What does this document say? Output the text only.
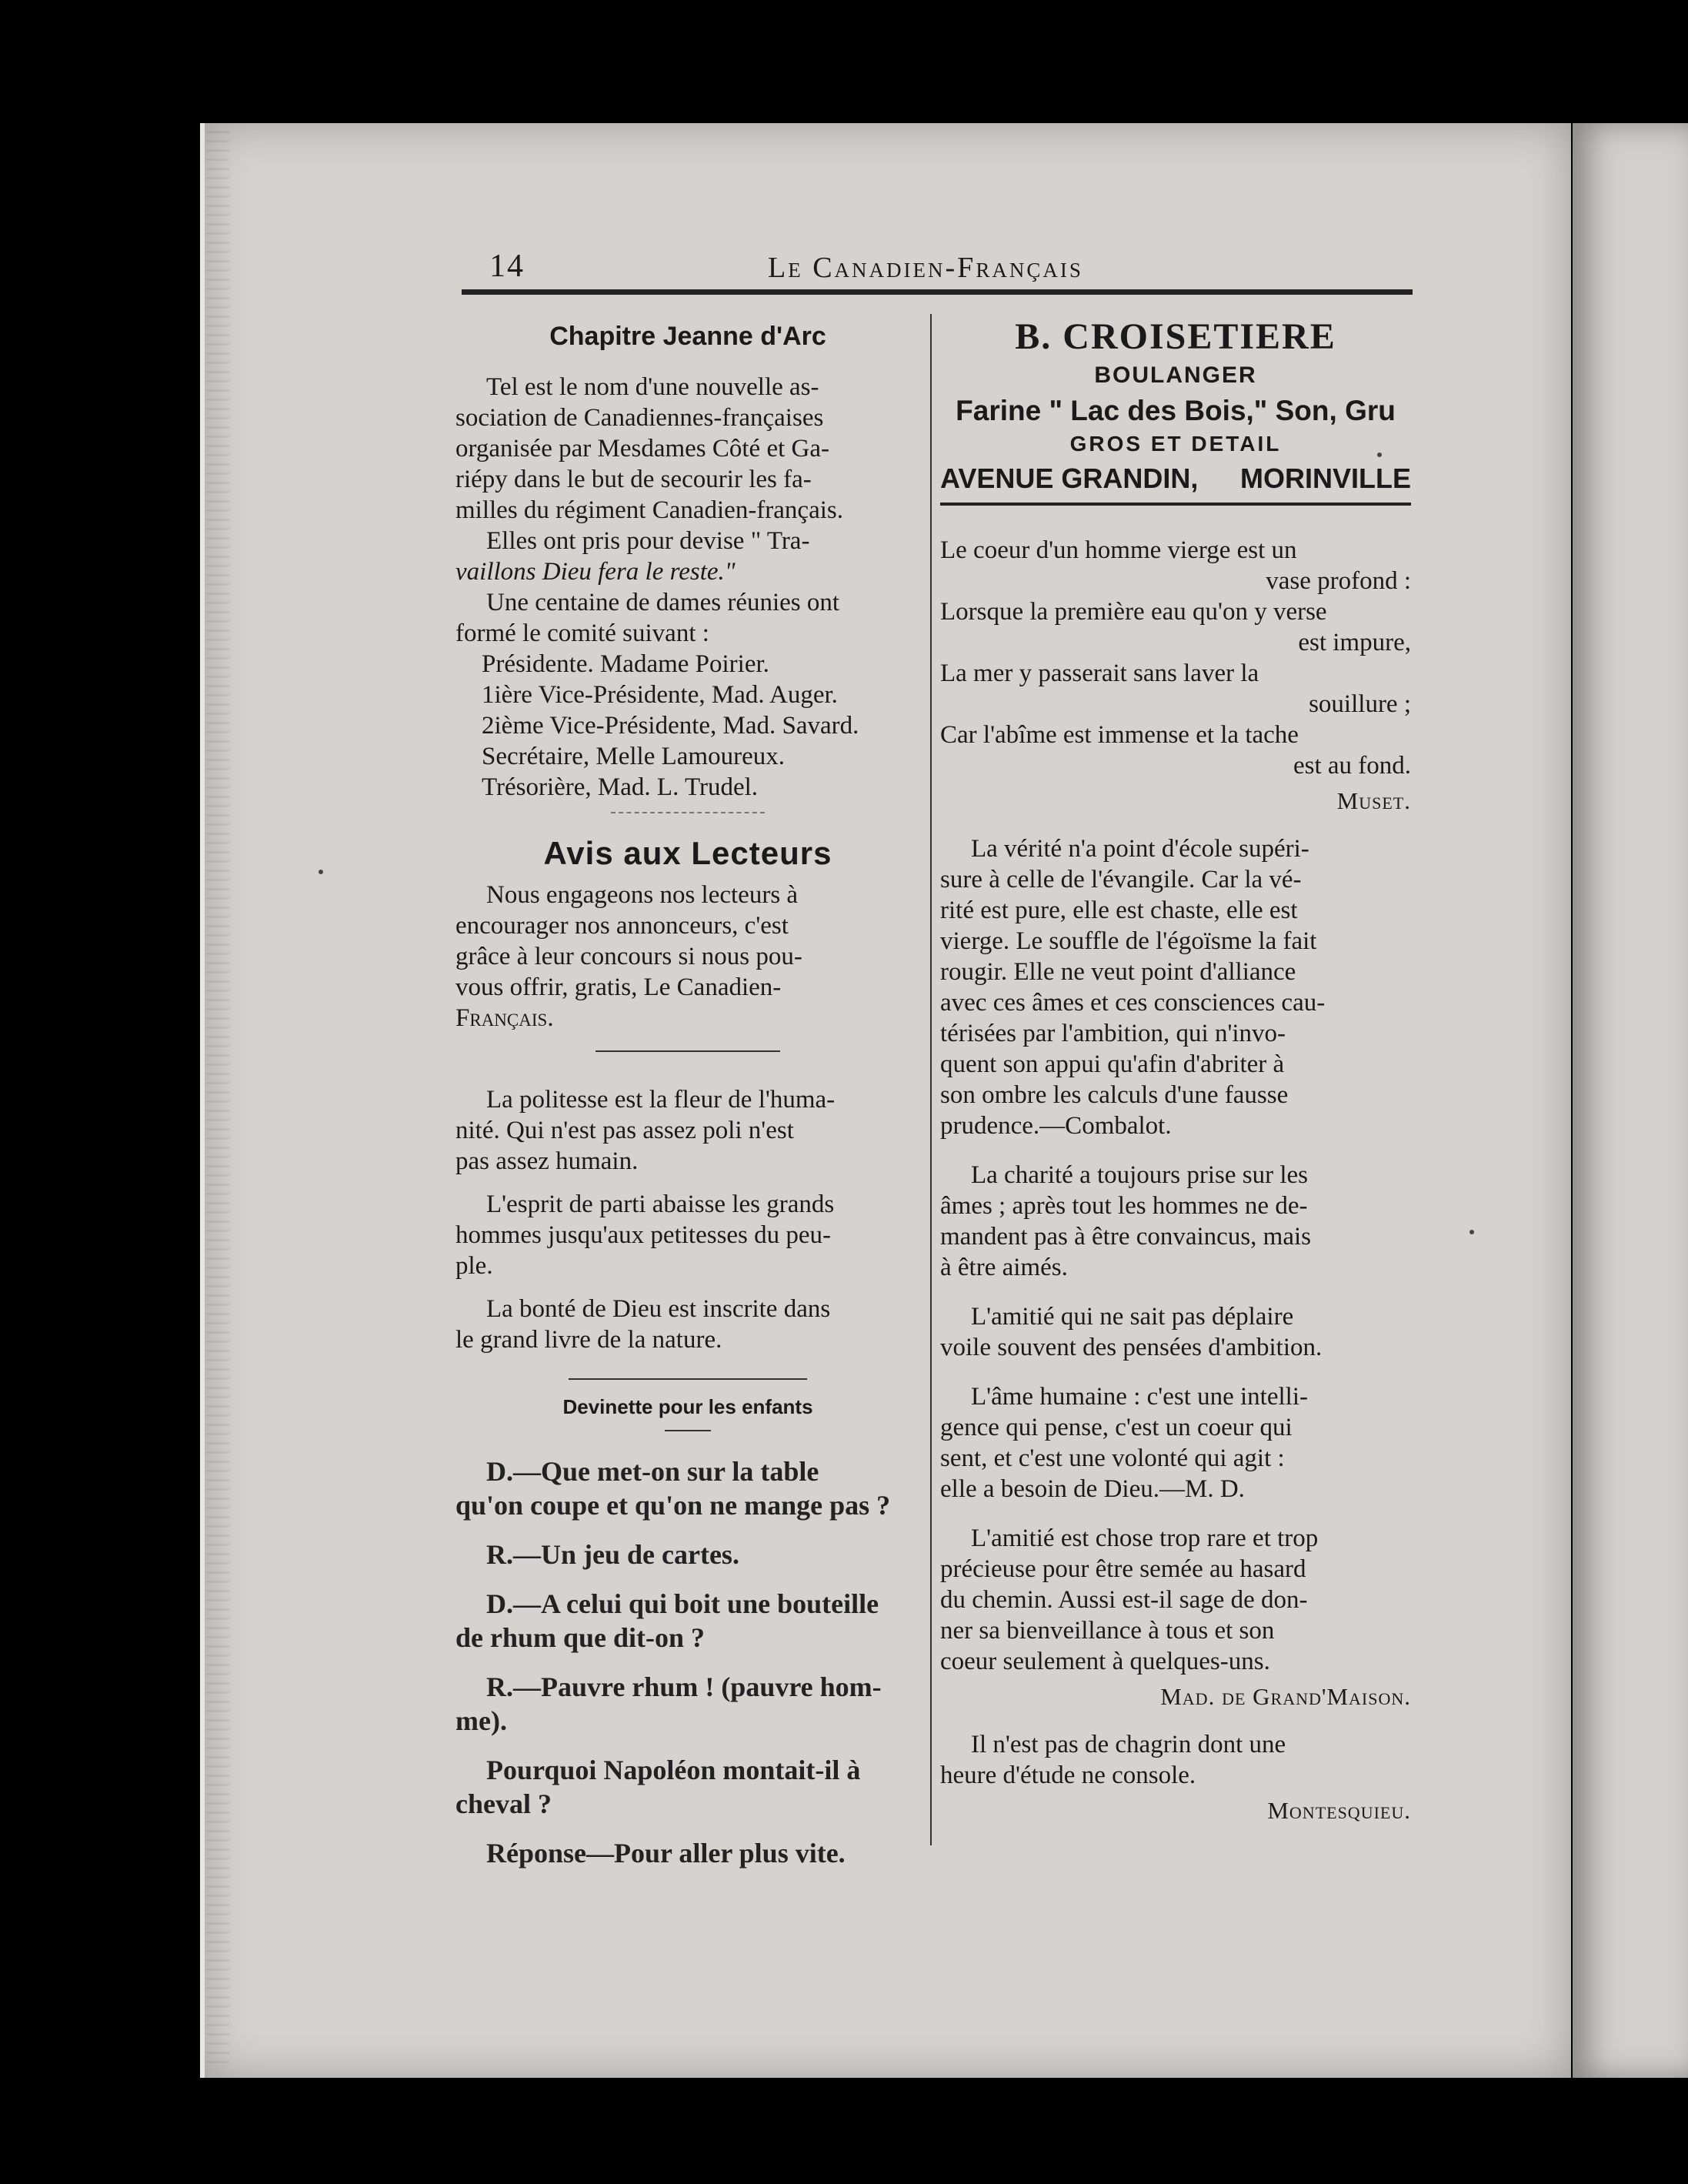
14	Le Canadien-Français
Chapitre Jeanne d'Arc

Tel est le nom d'une nouvelle as-

sociation de Canadiennes-françaises

organisée par Mesdames Côté et Ga-

riépy dans le but de secourir les fa-

milles du régiment Canadien-français.

Elles ont pris pour devise " Tra-

vaillons Dieu fera le reste."

Une centaine de dames réunies ont

formé le comité suivant :

Présidente. Madame Poirier.

1ière Vice-Présidente, Mad. Auger.

2ième Vice-Présidente, Mad. Savard.

Secrétaire, Melle Lamoureux.

Trésorière, Mad. L. Trudel.

Avis aux Lecteurs

Nous engageons nos lecteurs à

encourager nos annonceurs, c'est

grâce à leur concours si nous pou-

vous offrir, gratis, Le Canadien-

Français.

La politesse est la fleur de l'huma-

nité. Qui n'est pas assez poli n'est

pas assez humain.

L'esprit de parti abaisse les grands

hommes jusqu'aux petitesses du peu-

ple.

La bonté de Dieu est inscrite dans

le grand livre de la nature.

Devinette pour les enfants

D.—Que met-on sur la table
qu'on coupe et qu'on ne mange pas ?

R.—Un jeu de cartes.

D.—A celui qui boit une bouteille
de rhum que dit-on ?

R.—Pauvre rhum ! (pauvre hom-
me).

Pourquoi Napoléon montait-il à
cheval ?

Réponse—Pour aller plus vite.

B. CROISETIERE
BOULANGER
Farine " Lac des Bois," Son, Gru
GROS ET DETAIL
AVENUE GRANDIN, MORINVILLE

Le coeur d'un homme vierge est un

vase profond :

Lorsque la première eau qu'on y verse

est impure,

La mer y passerait sans laver la

souillure ;

Car l'abîme est immense et la tache

est au fond.

Muset.

La vérité n'a point d'école supéri-

sure à celle de l'évangile. Car la vé-

rité est pure, elle est chaste, elle est

vierge. Le souffle de l'égoïsme la fait

rougir. Elle ne veut point d'alliance

avec ces âmes et ces consciences cau-

térisées par l'ambition, qui n'invo-

quent son appui qu'afin d'abriter à

son ombre les calculs d'une fausse

prudence.—Combalot.

La charité a toujours prise sur les

âmes ; après tout les hommes ne de-

mandent pas à être convaincus, mais

à être aimés.

L'amitié qui ne sait pas déplaire

voile souvent des pensées d'ambition.

L'âme humaine : c'est une intelli-

gence qui pense, c'est un coeur qui

sent, et c'est une volonté qui agit :

elle a besoin de Dieu.—M. D.

L'amitié est chose trop rare et trop

précieuse pour être semée au hasard

du chemin. Aussi est-il sage de don-

ner sa bienveillance à tous et son

coeur seulement à quelques-uns.

Mad. de Grand'Maison.

Il n'est pas de chagrin dont une

heure d'étude ne console.

Montesquieu.
